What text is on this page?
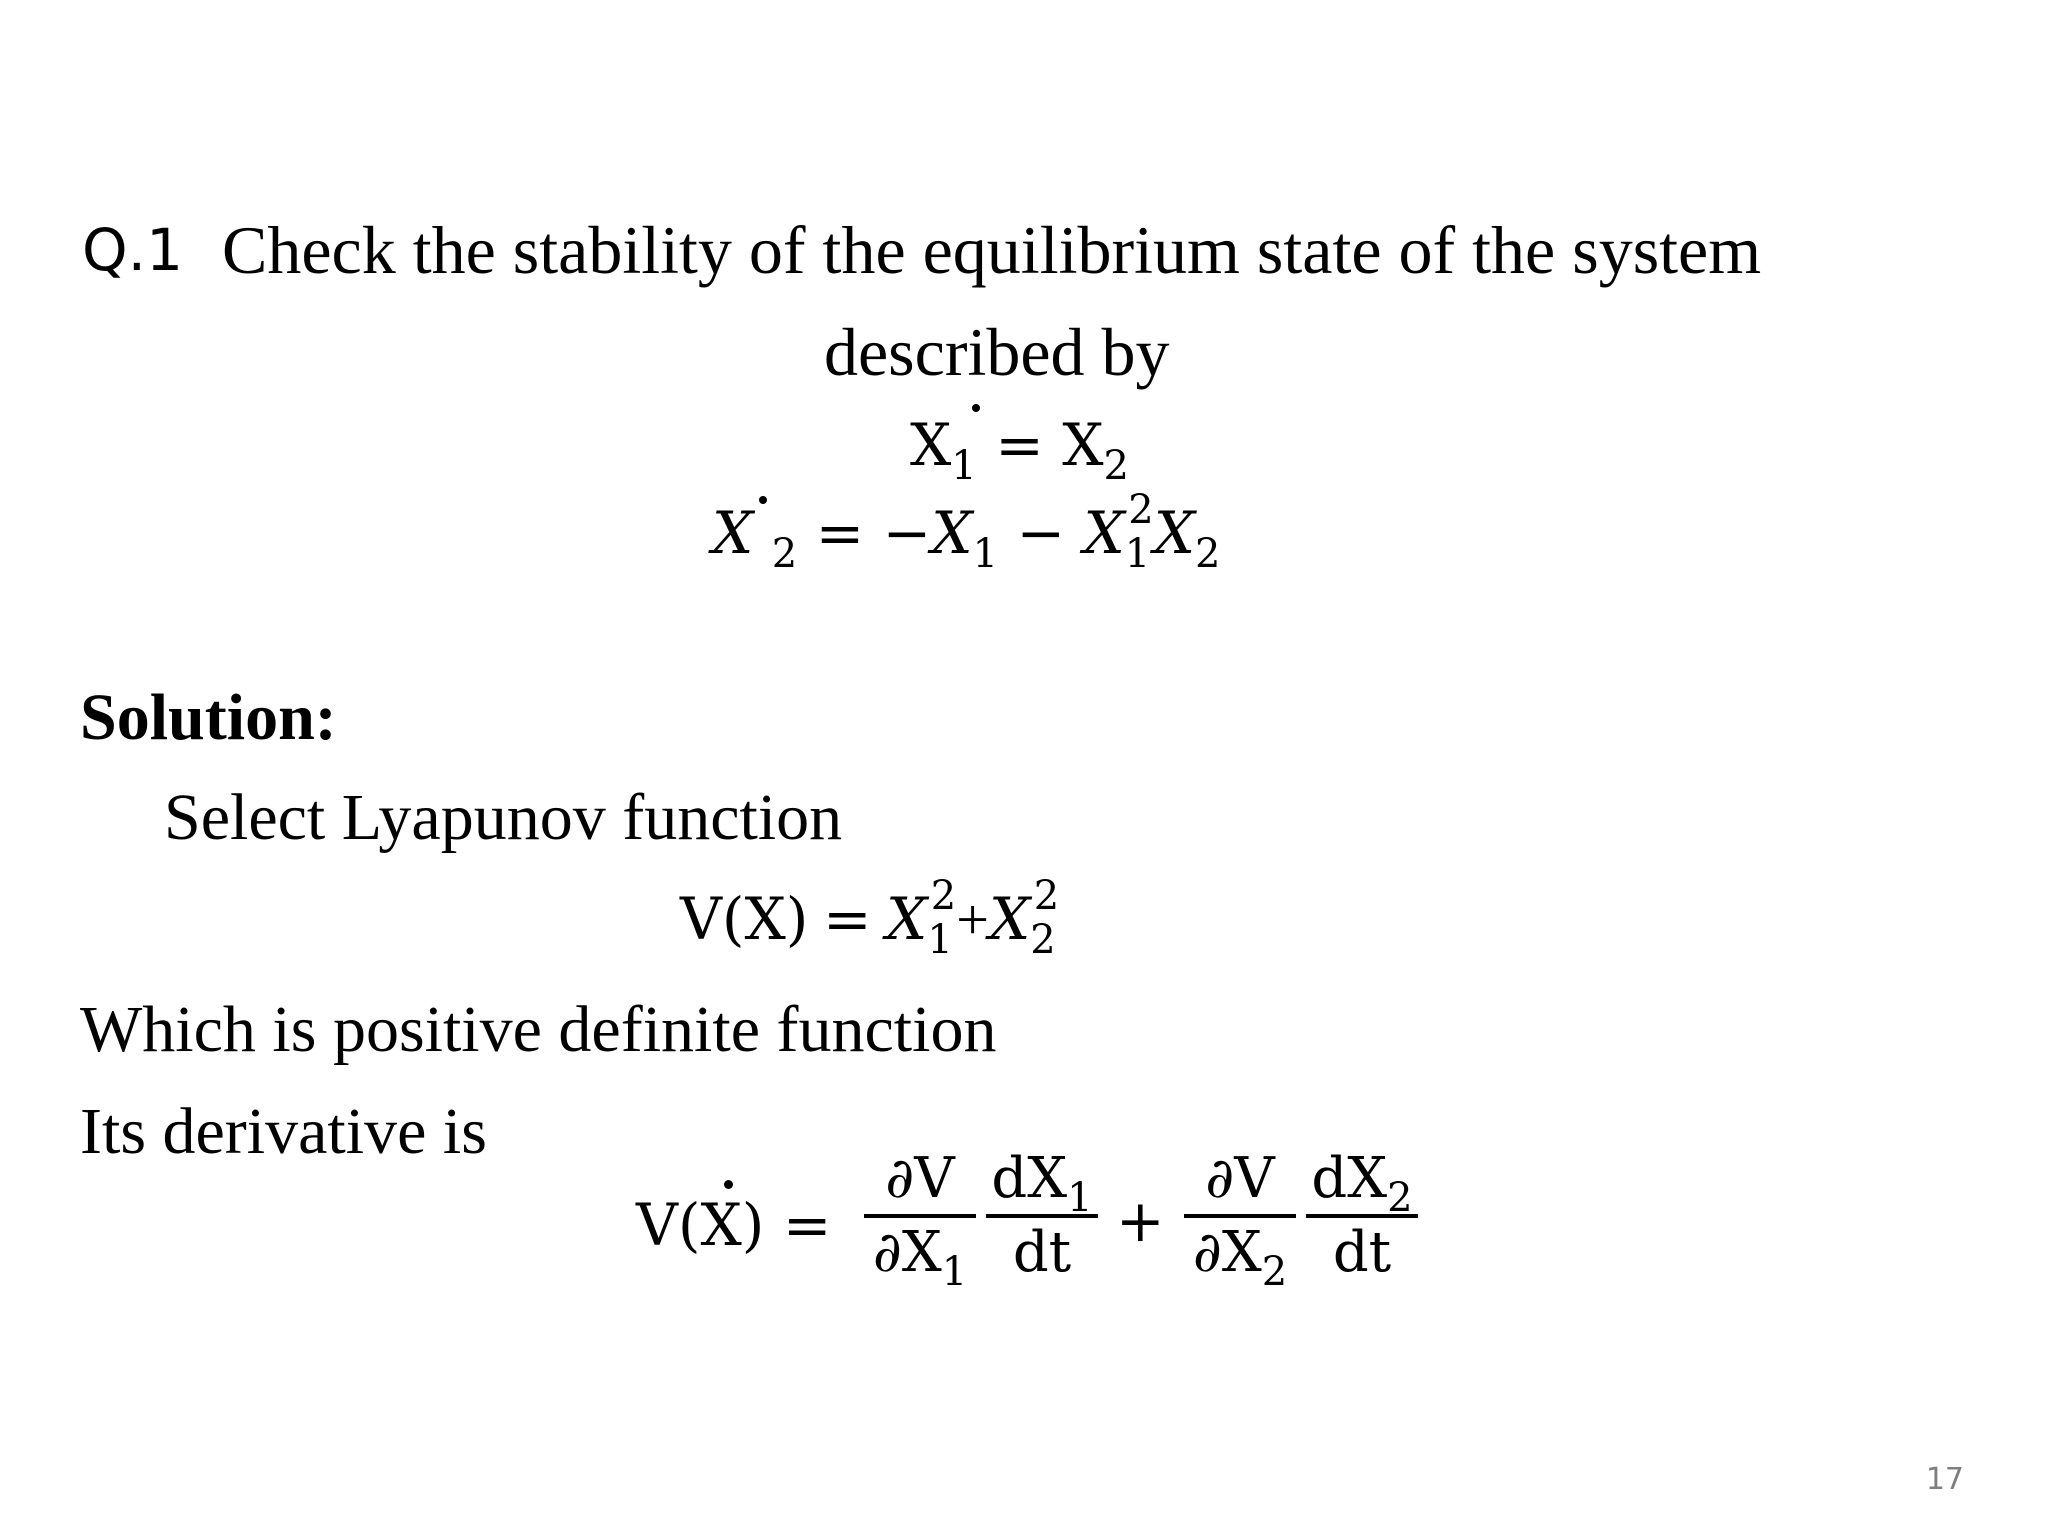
Q.1 Check the stability of the equilibrium state of the system
described by
$X_1 = X_2$
X $_2 = -X_1 - X_1^2X_2$
Solution:
Select Lyapunov function
$V(X) = X_1^2+X_2^2$
Which is positive definite function
Its derivative is
V(X) =
∂V
$\partial X_1$
$dX_1$
dt +
∂V
$\partial X_2$
$dX_2$
dt
17
